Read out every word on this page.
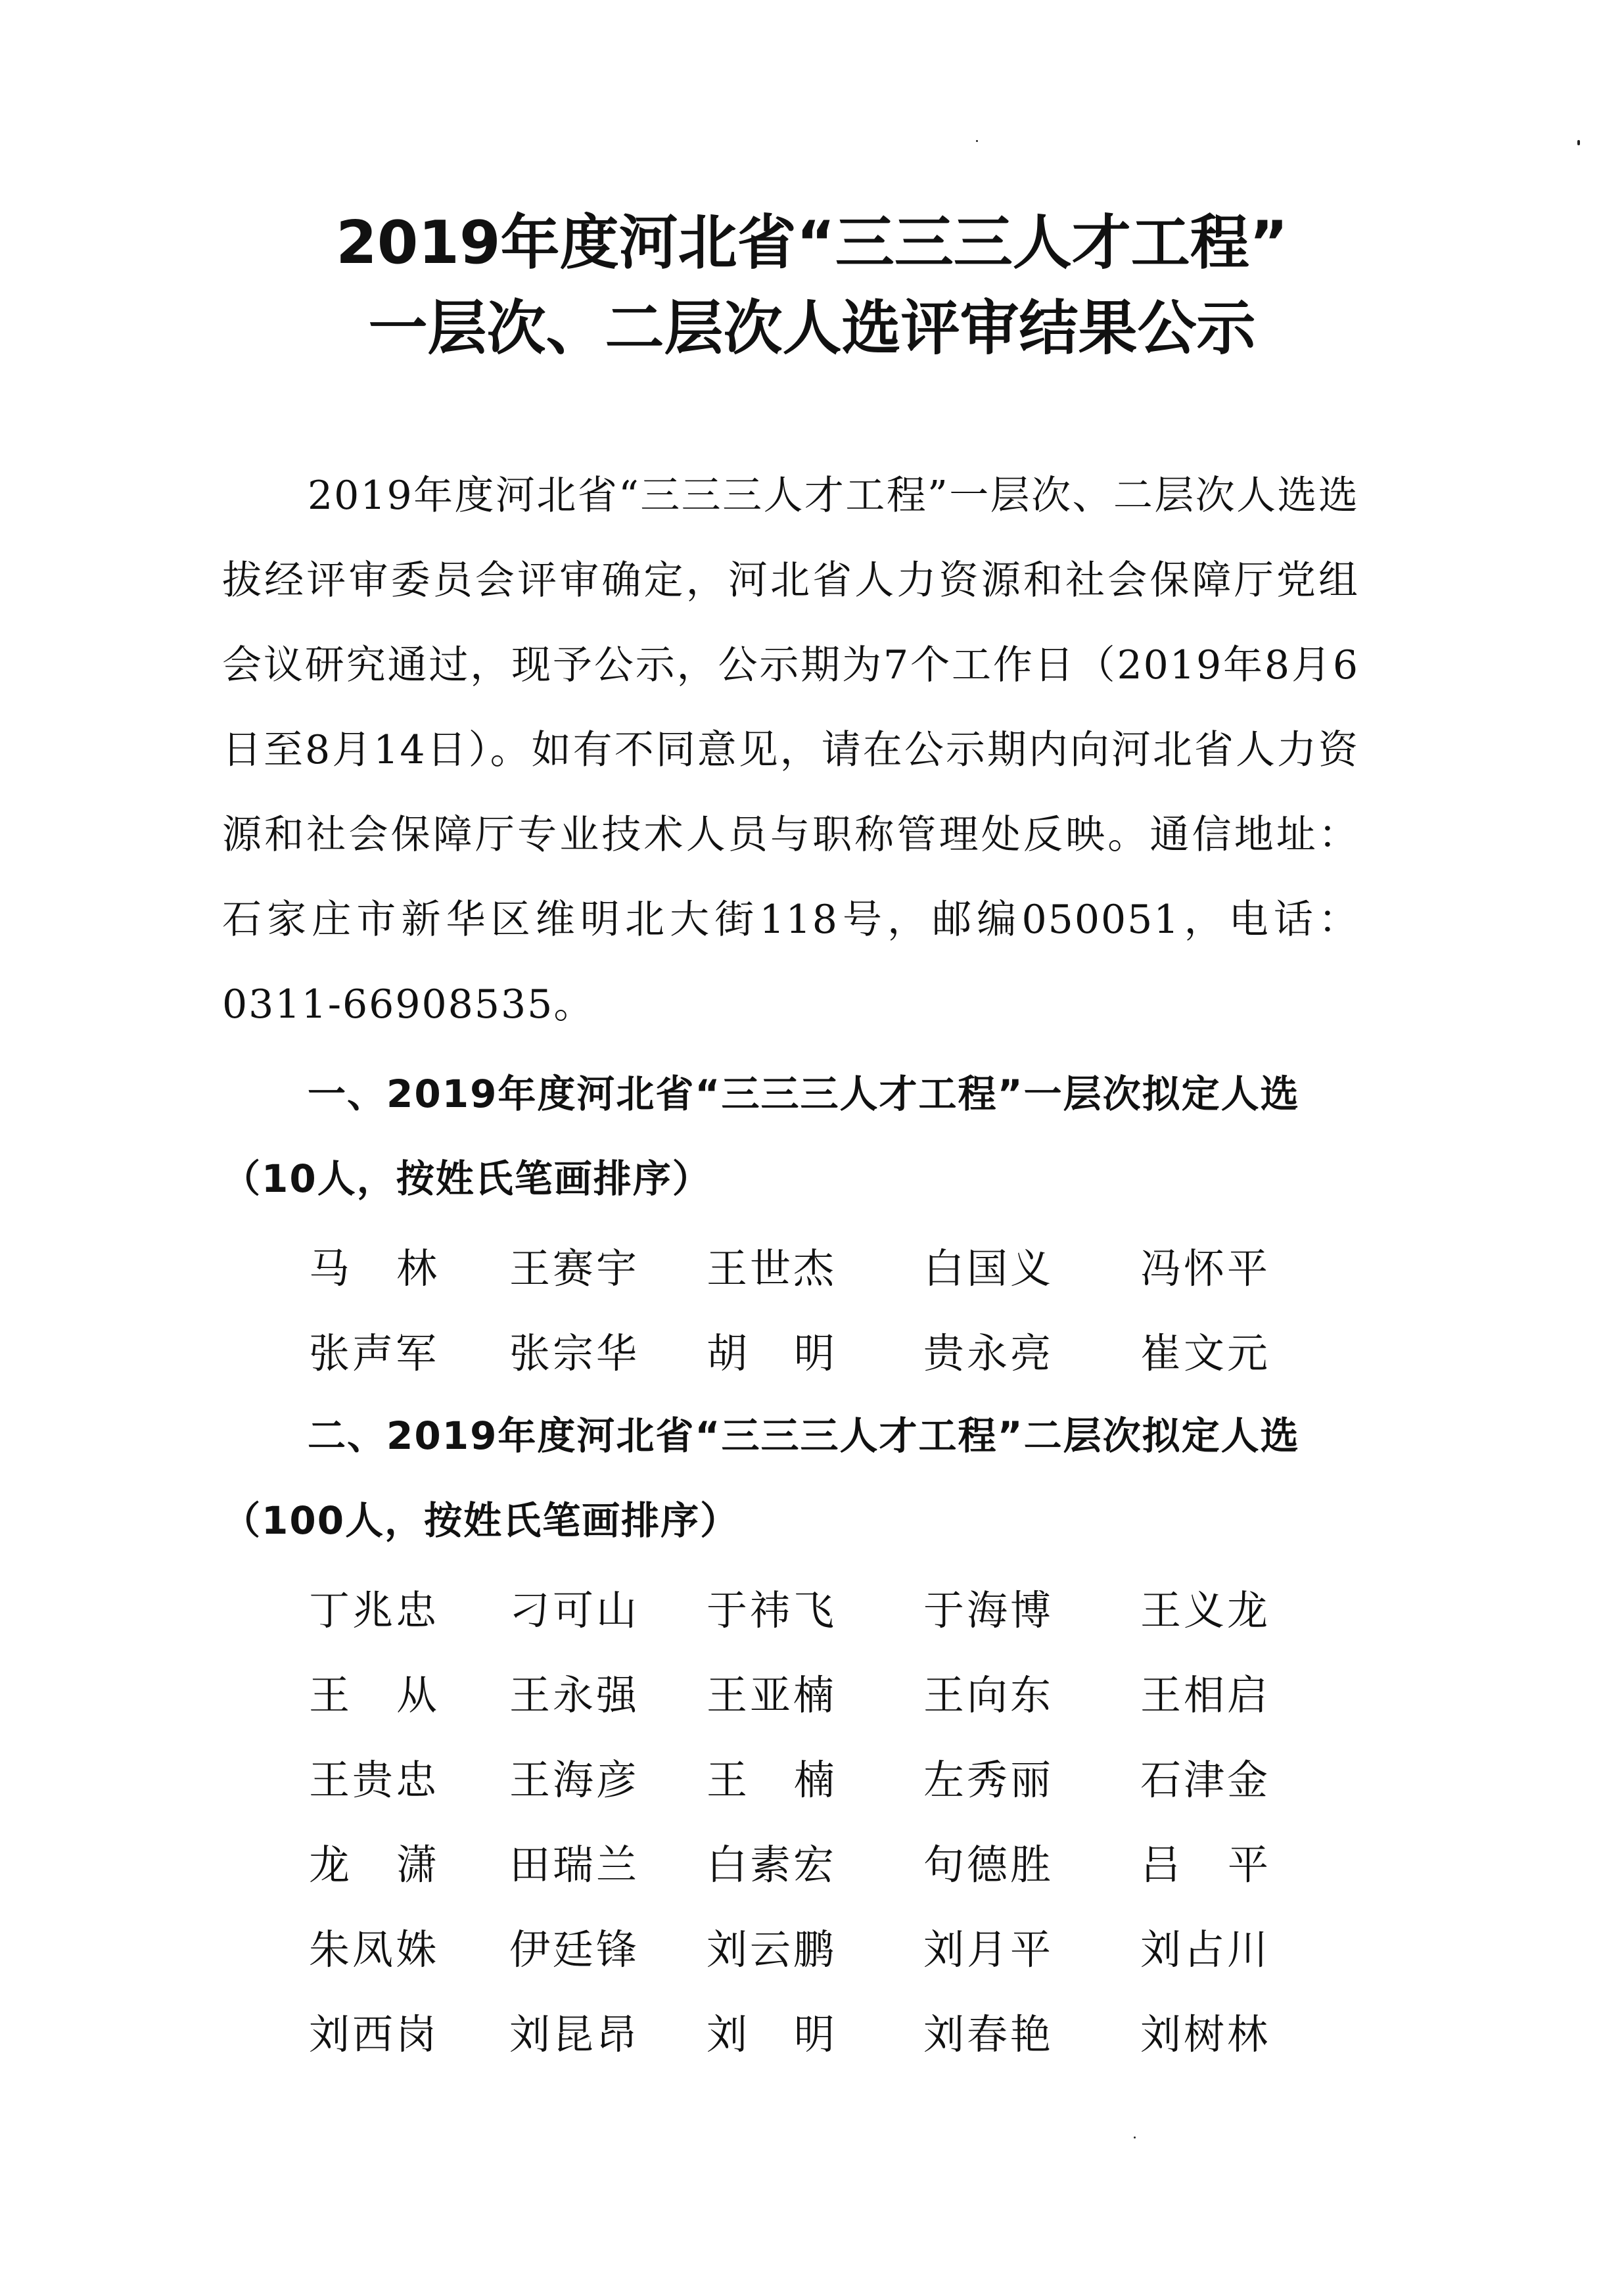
2019年度河北省“三三三人才工程”
一层次、二层次人选评审结果公示

2019年度河北省“三三三人才工程”一层次、二层次人选选拔经评审委员会评审确定，河北省人力资源和社会保障厅党组会议研究通过，现予公示，公示期为7个工作日（2019年8月6日至8月14日）。如有不同意见，请在公示期内向河北省人力资源和社会保障厅专业技术人员与职称管理处反映。通信地址：石家庄市新华区维明北大街118号，邮编050051，电话：0311-66908535。

一、2019年度河北省“三三三人才工程”一层次拟定人选（10人，按姓氏笔画排序）

马 林	王赛宇	王世杰	白国义	冯怀平
张声军	张宗华	胡 明	贵永亮	崔文元

二、2019年度河北省“三三三人才工程”二层次拟定人选（100人，按姓氏笔画排序）

丁兆忠	刁可山	于祎飞	于海博	王义龙
王 从	王永强	王亚楠	王向东	王相启
王贵忠	王海彦	王 楠	左秀丽	石津金
龙 潇	田瑞兰	白素宏	句德胜	吕 平
朱凤姝	伊廷锋	刘云鹏	刘月平	刘占川
刘西岗	刘昆昂	刘 明	刘春艳	刘树林
